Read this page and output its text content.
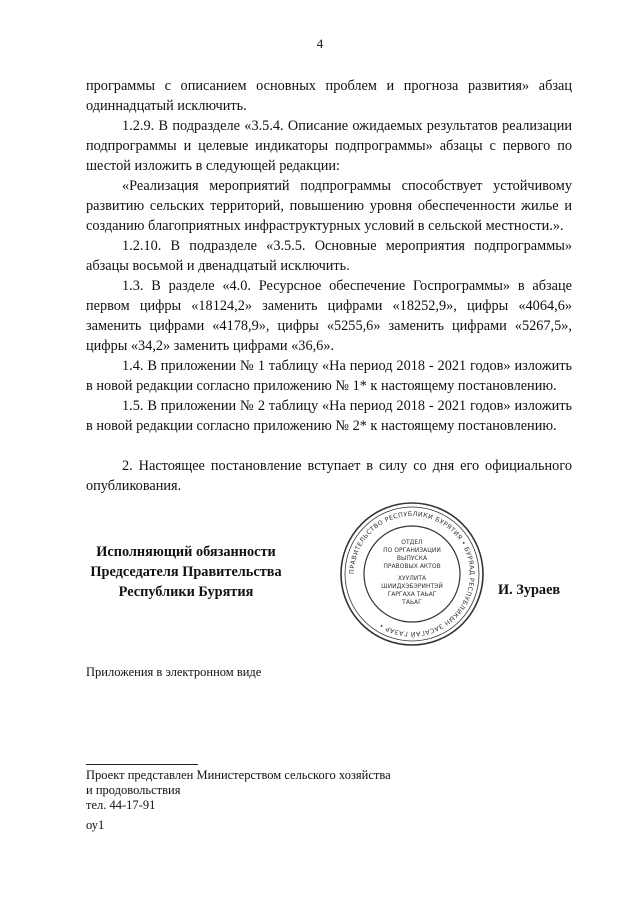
4

программы с описанием основных проблем и прогноза развития» абзац одиннадцатый исключить.

1.2.9. В подразделе «3.5.4. Описание ожидаемых результатов реализации подпрограммы и целевые индикаторы подпрограммы» абзацы с первого по шестой изложить в следующей редакции:

«Реализация мероприятий подпрограммы способствует устойчивому развитию сельских территорий, повышению уровня обеспеченности жилье и созданию благоприятных инфраструктурных условий в сельской местности.».

1.2.10. В подразделе «3.5.5. Основные мероприятия подпрограммы» абзацы восьмой и двенадцатый исключить.

1.3. В разделе «4.0. Ресурсное обеспечение Госпрограммы» в абзаце первом цифры «18124,2» заменить цифрами «18252,9», цифры «4064,6» заменить цифрами «4178,9», цифры «5255,6» заменить цифрами «5267,5», цифры «34,2» заменить цифрами «36,6».

1.4. В приложении № 1 таблицу «На период 2018 - 2021 годов» изложить в новой редакции согласно приложению № 1* к настоящему постановлению.

1.5. В приложении № 2 таблицу «На период 2018 - 2021 годов» изложить в новой редакции согласно приложению № 2* к настоящему постановлению.

2. Настоящее постановление вступает в силу со дня его официального опубликования.

Исполняющий обязанности
Председателя Правительства
Республики Бурятия
ПРАВИТЕЛЬСТВО РЕСПУБЛИКИ БУРЯТИЯ • БУРЯАД РЕСПУБЛИКЫН ЗАСАГАЙ ГАЗАР •
ОТДЕЛ
ПО ОРГАНИЗАЦИИ
ВЫПУСКА
ПРАВОВЫХ АКТОВ
ХУУЛИТА
ШИИДХЭБЭРИНТЭЙ
ГАРГАХА ТАЬАГ
ТАЬАГ
И. Зураев
Приложения в электронном виде
Проект представлен Министерством сельского хозяйства
и продовольствия
тел. 44-17-91
оу1
